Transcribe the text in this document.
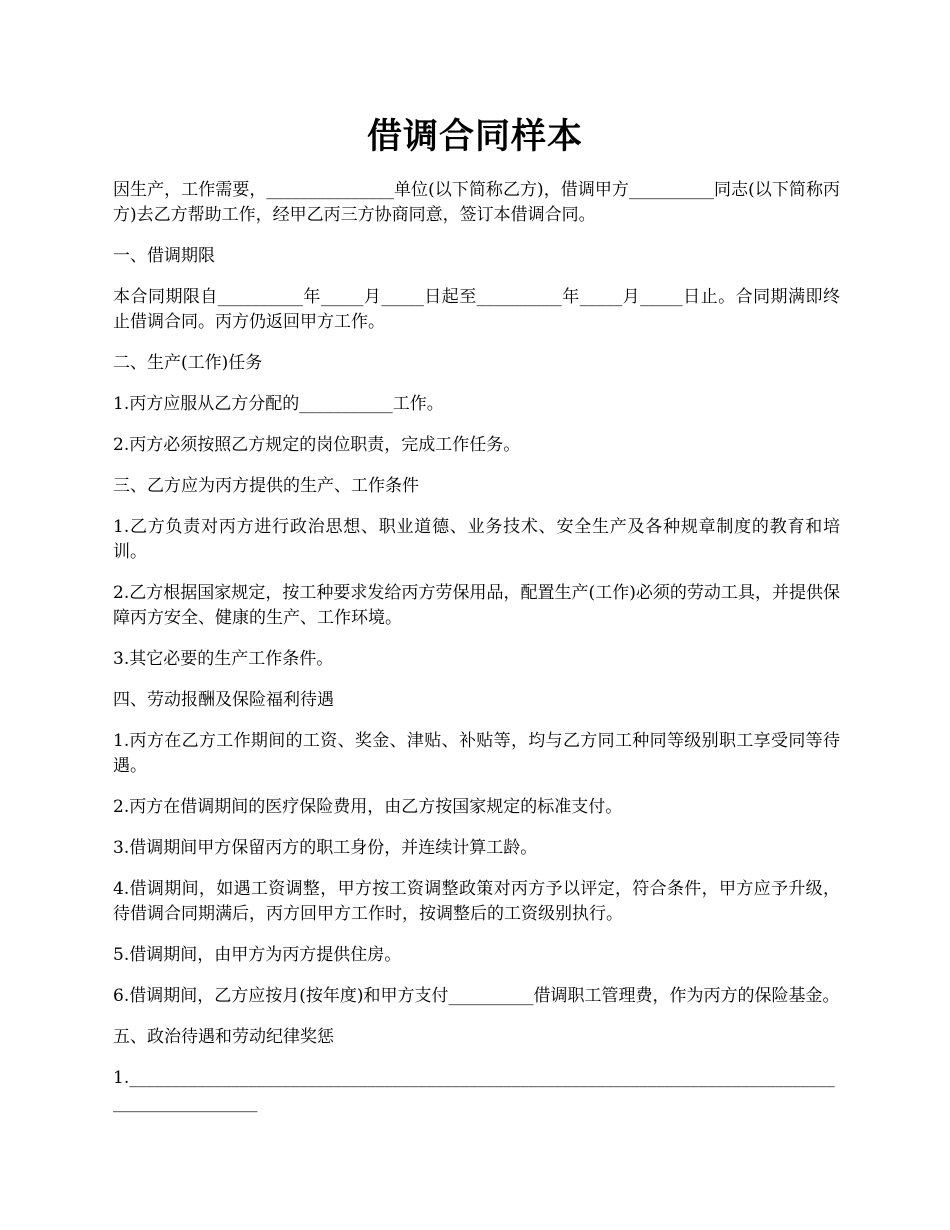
借调合同样本

因生产，工作需要，_______________单位(以下简称乙方)，借调甲方__________同志(以下简称丙方)去乙方帮助工作，经甲乙丙三方协商同意，签订本借调合同。

一、借调期限

本合同期限自__________年_____月_____日起至__________年_____月_____日止。合同期满即终止借调合同。丙方仍返回甲方工作。

二、生产(工作)任务

1.丙方应服从乙方分配的___________工作。

2.丙方必须按照乙方规定的岗位职责，完成工作任务。

三、乙方应为丙方提供的生产、工作条件

1.乙方负责对丙方进行政治思想、职业道德、业务技术、安全生产及各种规章制度的教育和培训。

2.乙方根据国家规定，按工种要求发给丙方劳保用品，配置生产(工作)必须的劳动工具，并提供保障丙方安全、健康的生产、工作环境。

3.其它必要的生产工作条件。

四、劳动报酬及保险福利待遇

1.丙方在乙方工作期间的工资、奖金、津贴、补贴等，均与乙方同工种同等级别职工享受同等待遇。

2.丙方在借调期间的医疗保险费用，由乙方按国家规定的标准支付。

3.借调期间甲方保留丙方的职工身份，并连续计算工龄。

4.借调期间，如遇工资调整，甲方按工资调整政策对丙方予以评定，符合条件，甲方应予升级，待借调合同期满后，丙方回甲方工作时，按调整后的工资级别执行。

5.借调期间，由甲方为丙方提供住房。

6.借调期间，乙方应按月(按年度)和甲方支付__________借调职工管理费，作为丙方的保险基金。

五、政治待遇和劳动纪律奖惩

1.____________________________________________________________________________________________________
